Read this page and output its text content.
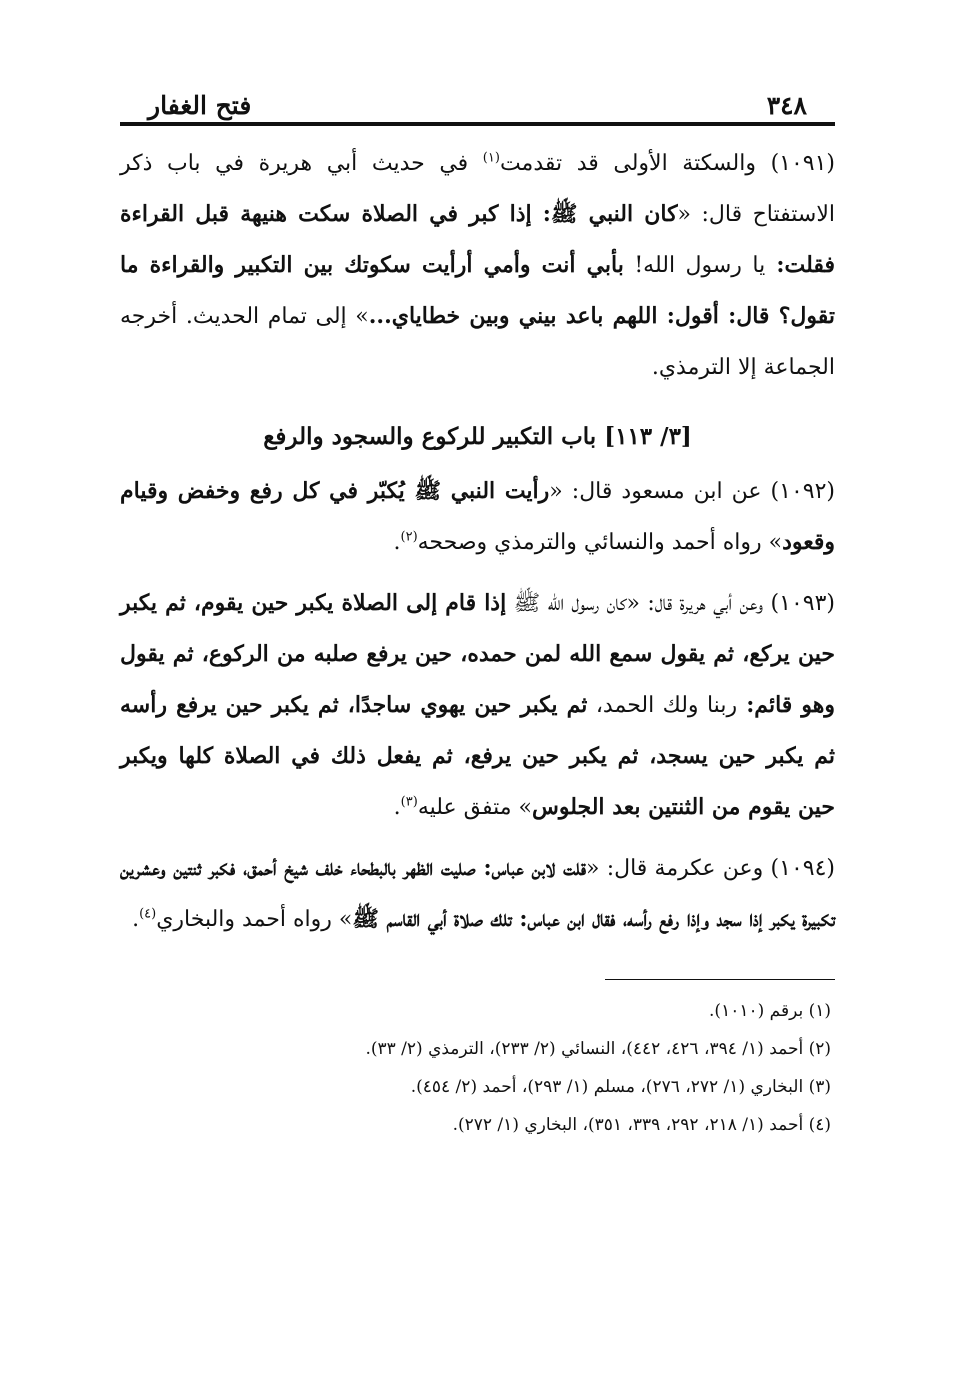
٣٤٨
فتح الغفار

(١٠٩١) والسكتة الأولى قد تقدمت$^{(١)}$ في حديث أبي هريرة في باب ذكر الاستفتاح قال: «كان النبي ﷺ: إذا كبر في الصلاة سكت هنيهة قبل القراءة فقلت: يا رسول الله! بأبي أنت وأمي أرأيت سكوتك بين التكبير والقراءة ما تقول؟ قال: أقول: اللهم باعد بيني وبين خطاياي...» إلى تمام الحديث. أخرجه الجماعة إلا الترمذي.

[٣/ ١١٣] باب التكبير للركوع والسجود والرفع

(١٠٩٢) عن ابن مسعود قال: «رأيت النبي ﷺ يُكبّر في كل رفع وخفض وقيام وقعود» رواه أحمد والنسائي والترمذي وصححه$^{(٢)}$.

(١٠٩٣) وعن أبي هريرة قال: «كان رسول الله ﷺ إذا قام إلى الصلاة يكبر حين يقوم، ثم يكبر حين يركع، ثم يقول سمع الله لمن حمده، حين يرفع صلبه من الركوع، ثم يقول وهو قائم: ربنا ولك الحمد، ثم يكبر حين يهوي ساجدًا، ثم يكبر حين يرفع رأسه ثم يكبر حين يسجد، ثم يكبر حين يرفع، ثم يفعل ذلك في الصلاة كلها ويكبر حين يقوم من الثنتين بعد الجلوس» متفق عليه$^{(٣)}$.

(١٠٩٤) وعن عكرمة قال: «قلت لابن عباس: صليت الظهر بالبطحاء خلف شيخ أحمق، فكبر ثنتين وعشرين تكبيرة يكبر إذا سجد وإذا رفع رأسه، فقال ابن عباس: تلك صلاة أبي القاسم ﷺ» رواه أحمد والبخاري$^{(٤)}$.

(١) برقم (١٠١٠).

(٢) أحمد (١/ ٣٩٤، ٤٢٦، ٤٤٢)، النسائي (٢/ ٢٣٣)، الترمذي (٢/ ٣٣).

(٣) البخاري (١/ ٢٧٢، ٢٧٦)، مسلم (١/ ٢٩٣)، أحمد (٢/ ٤٥٤).

(٤) أحمد (١/ ٢١٨، ٢٩٢، ٣٣٩، ٣٥١)، البخاري (١/ ٢٧٢).
